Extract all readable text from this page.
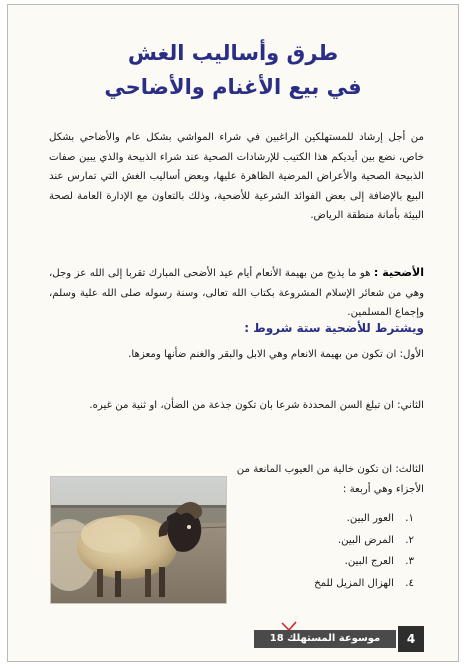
طرق وأساليب الغش
في بيع الأغنام والأضاحي

من أجل إرشاد للمستهلكين الراغبين في شراء المواشي بشكل عام والأضاحي بشكل خاص، نضع بين أيديكم هذا الكتيب للإرشادات الصحية عند شراء الذبيحة والذي يبين صفات الذبيحة الصحية والأعراض المرضية الظاهرة عليها، وبعض أساليب الغش التي تمارس عند البيع بالإضافة إلى بعض الفوائد الشرعية للأضحية، وذلك بالتعاون مع الإدارة العامة لصحة البيئة بأمانة منطقة الرياض.

الأضحية : هو ما يذبح من بهيمة الأنعام أيام عيد الأضحى المبارك تقربا إلى الله عز وجل، وهي من شعائر الإسلام المشروعة بكتاب الله تعالى، وسنة رسوله صلى الله علية وسلم، وإجماع المسلمين.

ويشترط للأضحية ستة شروط :

الأول: ان تكون من بهيمة الانعام وهي الابل والبقر والغنم ضأنها ومعزها.

الثاني: ان تبلغ السن المحددة شرعا بان تكون جذعة من الضأن، او ثنية من غيره.

الثالث: ان تكون خالية من العيوب المانعة من الأجزاء وهي أربعة :

١.
العور البين.
٢.
المرض البين.
٣.
العرج البين.
٤.
الهزال المزيل للمخ
موسوعة المستهلك 18	4
